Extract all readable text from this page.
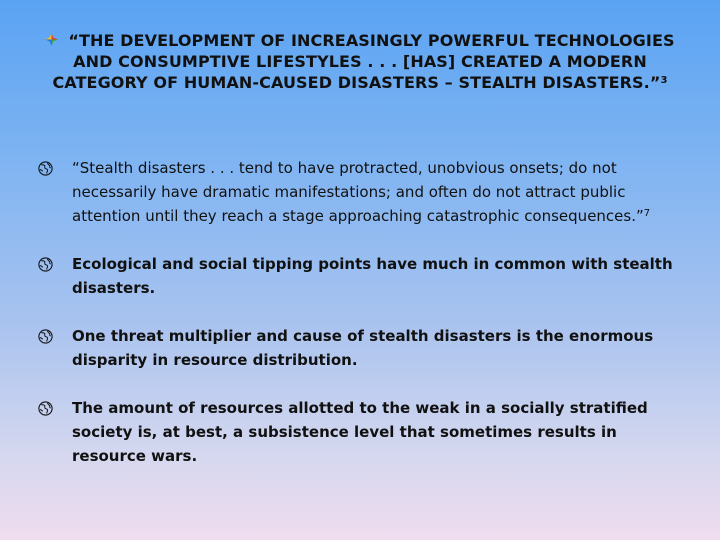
“THE DEVELOPMENT OF INCREASINGLY POWERFUL TECHNOLOGIES AND CONSUMPTIVE LIFESTYLES . . . [HAS] CREATED A MODERN CATEGORY OF HUMAN-CAUSED DISASTERS – STEALTH DISASTERS.”$^3$
“Stealth disasters . . . tend to have protracted, unobvious onsets; do not necessarily have dramatic manifestations; and often do not attract public attention until they reach a stage approaching catastrophic consequences.”$^7$
Ecological and social tipping points have much in common with stealth disasters.
One threat multiplier and cause of stealth disasters is the enormous disparity in resource distribution.
The amount of resources allotted to the weak in a socially stratified society is, at best, a subsistence level that sometimes results in resource wars.
